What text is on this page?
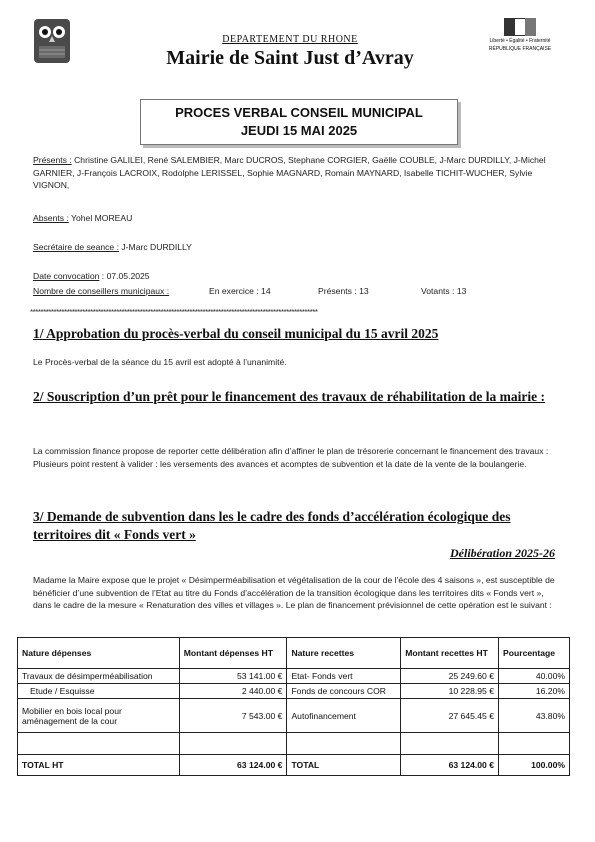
Liberté • Égalité • Fraternité
RÉPUBLIQUE FRANÇAISE
DEPARTEMENT DU RHONE
Mairie de Saint Just d’Avray
PROCES VERBAL CONSEIL MUNICIPAL
JEUDI 15 MAI 2025
Présents : Christine GALILEI, René SALEMBIER, Marc DUCROS, Stephane CORGIER, Gaëlle COUBLE, J-Marc DURDILLY, J-Michel GARNIER, J-François LACROIX, Rodolphe LERISSEL, Sophie MAGNARD, Romain MAYNARD, Isabelle TICHIT-WUCHER, Sylvie VIGNON,
Absents : Yohel MOREAU
Secrétaire de seance : J-Marc DURDILLY
Date convocation : 07.05.2025
Nombre de conseillers municipaux :	En exercice : 14	Présents : 13	Votants : 13
**************************************************************************************************************
1/ Approbation du procès-verbal du conseil municipal du 15 avril 2025
Le Procès-verbal de la séance du 15 avril est adopté à l’unanimité.
2/ Souscription d’un prêt pour le financement des travaux de réhabilitation de la mairie :
La commission finance propose de reporter cette délibération afin d’affiner le plan de trésorerie concernant le financement des travaux : Plusieurs point restent à valider : les versements des avances et acomptes de subvention et la date de la vente de la boulangerie.
3/ Demande de subvention dans les le cadre des fonds d’accélération écologique des territoires dit « Fonds vert »
Délibération 2025-26
Madame la Maire expose que le projet « Désimperméabilisation et végétalisation de la cour de l’école des 4 saisons », est susceptible de bénéficier d’une subvention de l’Etat au titre du Fonds d’accélération de la transition écologique dans les territoires dits « Fonds vert », dans le cadre de la mesure « Renaturation des villes et villages ». Le plan de financement prévisionnel de cette opération est le suivant :
Nature dépenses	Montant dépenses HT	Nature recettes	Montant recettes HT	Pourcentage
Travaux de désimperméabilisation	53 141.00 €	Etat- Fonds vert	25 249.60 €	40.00%
Etude / Esquisse	2 440.00 €	Fonds de concours COR	10 228.95 €	16.20%
Mobilier en bois local pour aménagement de la cour	7 543.00 €	Autofinancement	27 645.45 €	43.80%

TOTAL HT	63 124.00 €	TOTAL	63 124.00 €	100.00%
